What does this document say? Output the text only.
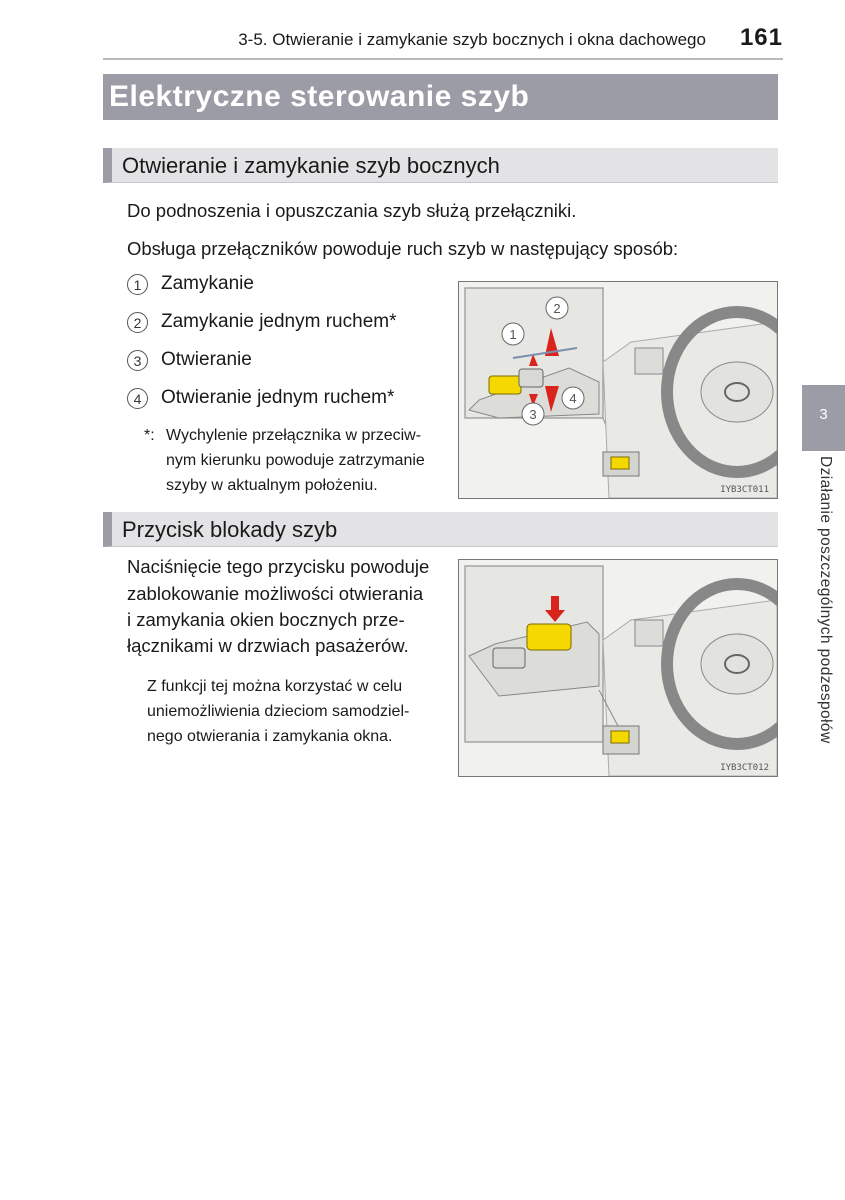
3-5. Otwieranie i zamykanie szyb bocznych i okna dachowego 161
Elektryczne sterowanie szyb
Otwieranie i zamykanie szyb bocznych
Do podnoszenia i opuszczania szyb służą przełączniki.
Obsługa przełączników powoduje ruch szyb w następujący sposób:
1	Zamykanie
2	Zamykanie jednym ruchem*
3	Otwieranie
4	Otwieranie jednym ruchem*
*: Wychylenie przełącznika w przeciw-
nym kierunku powoduje zatrzymanie
szyby w aktualnym położeniu.
1
2
3
4
IYB3CT011
Przycisk blokady szyb
Naciśnięcie tego przycisku powoduje
zablokowanie możliwości otwierania
i zamykania okien bocznych prze-
łącznikami w drzwiach pasażerów.
Z funkcji tej można korzystać w celu
uniemożliwienia dzieciom samodziel-
nego otwierania i zamykania okna.
IYB3CT012
3
Działanie poszczególnych podzespołów
